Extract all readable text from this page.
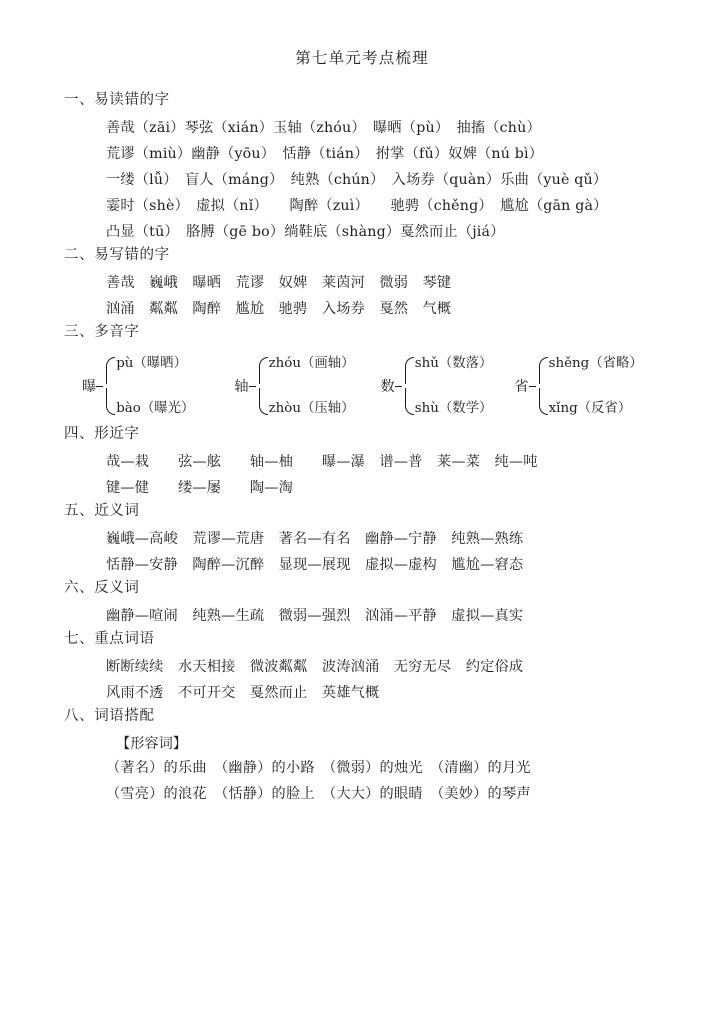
第七单元考点梳理
一、易读错的字
善哉（zāi）琴弦（xián）玉轴（zhóu）　曝晒（pù）　抽搐（chù）
荒谬（miù）幽静（yōu）　恬静（tián）　拊掌（fǔ）奴婢（nú bì）
一缕（lǚ）　盲人（máng）　纯熟（chún）　入场券（quàn）乐曲（yuè qǔ）
霎时（shè）　虚拟（nǐ）　　陶醉（zuì）　　驰骋（chěng）　尴尬（gān gà）
凸显（tū）　胳膊（gē bo）绱鞋底（shàng）戛然而止（jiá）
二、易写错的字
善哉　巍峨　曝晒　荒谬　奴婢　莱茵河　微弱　琴键
汹涌　粼粼　陶醉　尴尬　驰骋　入场券　戛然　气概
三、多音字
曝
pù（曝晒）
bào（曝光）
轴
zhóu（画轴）
zhòu（压轴）
数
shǔ（数落）
shù（数学）
省
shěng（省略）
xǐng（反省）
四、形近字
哉—栽　　弦—舷　　轴—柚　　曝—瀑　谱—普　莱—菜　纯—吨
键—健　　缕—屡　　陶—淘
五、近义词
巍峨—高峻　荒谬—荒唐　著名—有名　幽静—宁静　纯熟—熟练
恬静—安静　陶醉—沉醉　显现—展现　虚拟—虚构　尴尬—窘态
六、反义词
幽静—喧闹　纯熟—生疏　微弱—强烈　汹涌—平静　虚拟—真实
七、重点词语
断断续续　水天相接　微波粼粼　波涛汹涌　无穷无尽　约定俗成
风雨不透　不可开交　戛然而止　英雄气概
八、词语搭配
【形容词】
（著名）的乐曲　（幽静）的小路　（微弱）的烛光　（清幽）的月光
（雪亮）的浪花　（恬静）的脸上　（大大）的眼睛　（美妙）的琴声
